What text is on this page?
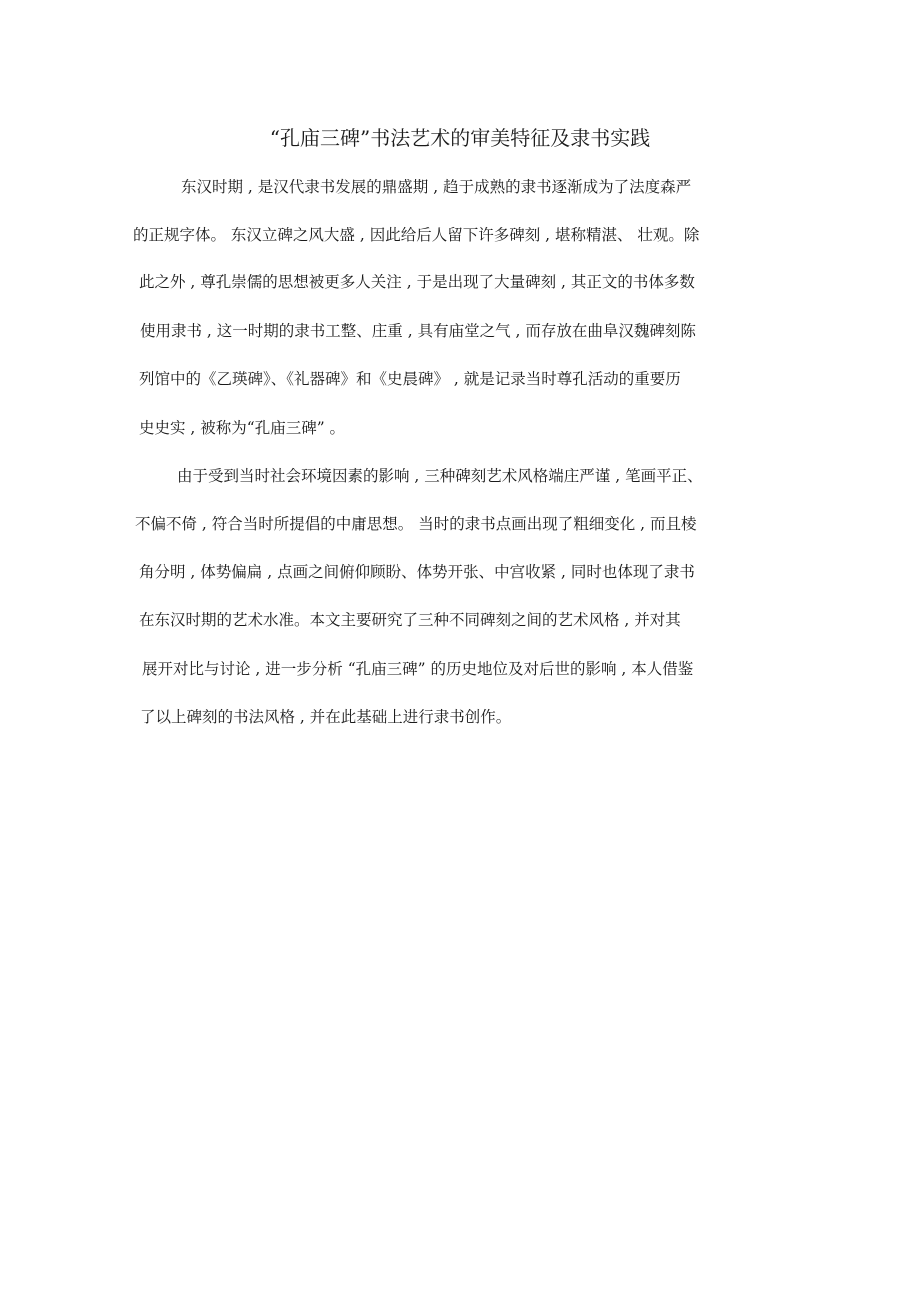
“孔庙三碑”书法艺术的审美特征及隶书实践
东汉时期 , 是汉代隶书发展的鼎盛期 , 趋于成熟的隶书逐渐成为了法度森严
的正规字体。 东汉立碑之风大盛 , 因此给后人留下许多碑刻 , 堪称精湛、 壮观。除
此之外 , 尊孔崇儒的思想被更多人关注 , 于是出现了大量碑刻 , 其正文的书体多数
使用隶书 , 这一时期的隶书工整、庄重 , 具有庙堂之气 , 而存放在曲阜汉魏碑刻陈
列馆中的《乙瑛碑》、《礼器碑》和《史晨碑》 , 就是记录当时尊孔活动的重要历
史史实 , 被称为“孔庙三碑” 。
由于受到当时社会环境因素的影响 , 三种碑刻艺术风格端庄严谨 , 笔画平正、
不偏不倚 , 符合当时所提倡的中庸思想。 当时的隶书点画出现了粗细变化 , 而且棱
角分明 , 体势偏扁 , 点画之间俯仰顾盼、体势开张、中宫收紧 , 同时也体现了隶书
在东汉时期的艺术水准。本文主要研究了三种不同碑刻之间的艺术风格 , 并对其
展开对比与讨论 , 进一步分析 “孔庙三碑” 的历史地位及对后世的影响 , 本人借鉴
了以上碑刻的书法风格 , 并在此基础上进行隶书创作。
